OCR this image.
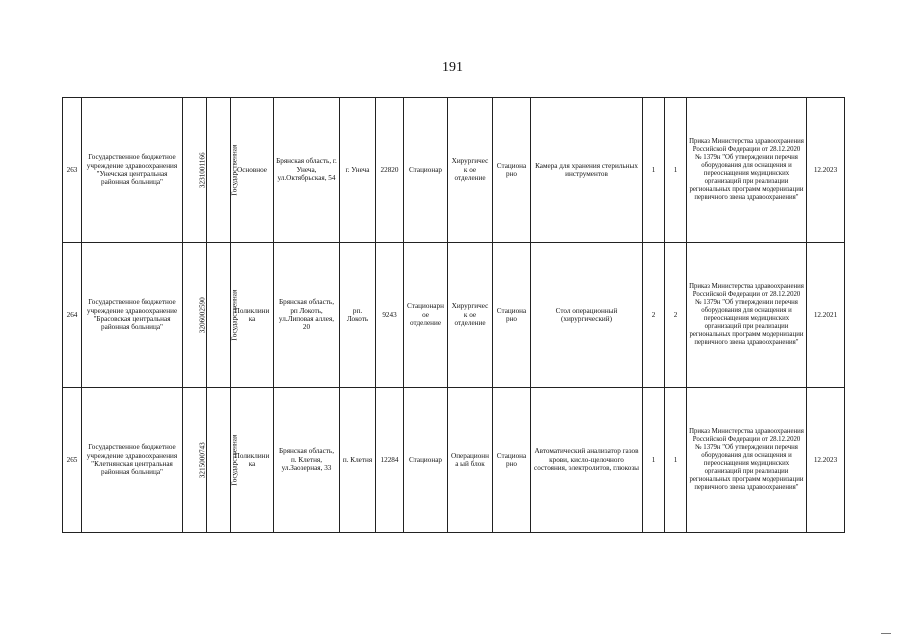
191
263	Государственное бюджетное учреждение здравоохранения "Унечская центральная районная больница"	3231001166	Государственная	Основное	Брянская область, г. Унеча, ул.Октябрьская, 54	г. Унеча	22820	Стационар	Хирургическ ое отделение	Стациона рно	Камера для хранения стерильных инструментов	1	1	Приказ Министерства здравоохранения Российской Федерации от 28.12.2020 № 1379н "Об утверждении перечня оборудования для оснащения и переоснащения медицинских организаций при реализации региональных программ модернизации первичного звена здравоохранения"	12.2023
264	Государственное бюджетное учреждение здравоохранение "Брасовская центральная районная больница"	3206002590	Государственная	Поликлини ка	Брянская область, рп Локоть, ул.Липовая аллея, 20	рп. Локоть	9243	Стационарн ое отделение	Хирургическ ое отделение	Стациона рно	Стол операционный (хирургический)	2	2	Приказ Министерства здравоохранения Российской Федерации от 28.12.2020 № 1379н "Об утверждении перечня оборудования для оснащения и переоснащения медицинских организаций при реализации региональных программ модернизации первичного звена здравоохранения"	12.2021
265	Государственное бюджетное учреждение здравоохранения "Клетнянская центральная районная больница"	3215000743	Государственная	Поликлини ка	Брянская область, п. Клетня, ул.Заозерная, 33	п. Клетня	12284	Стационар	Операционна ый блок	Стациона рно	Автоматический анализатор газов крови, кисло-щелочного состояния, электролитов, глюкозы	1	1	Приказ Министерства здравоохранения Российской Федерации от 28.12.2020 № 1379н "Об утверждении перечня оборудования для оснащения и переоснащения медицинских организаций при реализации региональных программ модернизации первичного звена здравоохранения"	12.2023
